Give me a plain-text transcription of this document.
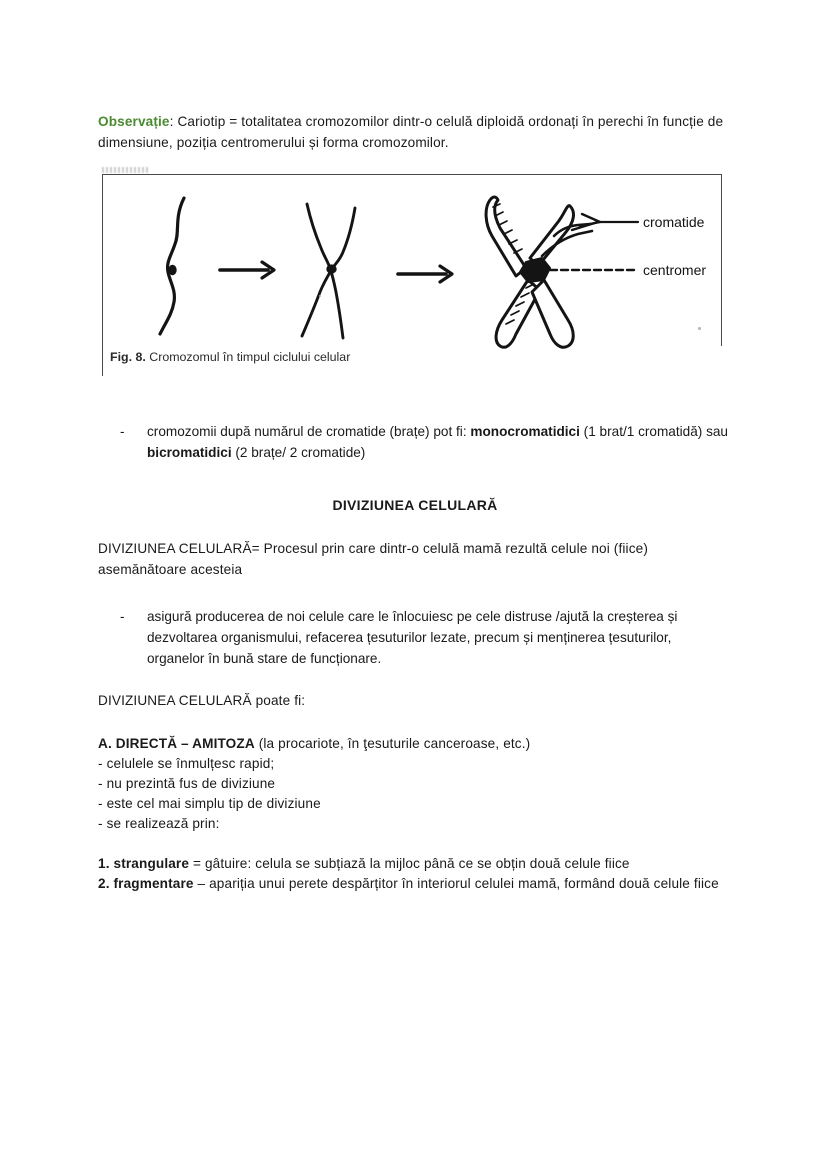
Observație: Cariotip = totalitatea cromozomilor dintr-o celulă diploidă ordonați în perechi în funcție de dimensiune, poziția centromerului și forma cromozomilor.

cromatide
centromer
Fig. 8. Cromozomul în timpul ciclului celular

- cromozomii după numărul de cromatide (brațe) pot fi: monocromatidici (1 brat/1 cromatidă) sau bicromatidici (2 brațe/ 2 cromatide)

DIVIZIUNEA CELULARĂ

DIVIZIUNEA CELULARĂ= Procesul prin care dintr-o celulă mamă rezultă celule noi (fiice) asemănătoare acesteia

- asigură producerea de noi celule care le înlocuiesc pe cele distruse /ajută la creșterea și dezvoltarea organismului, refacerea țesuturilor lezate, precum și menținerea țesuturilor, organelor în bună stare de funcționare.

DIVIZIUNEA CELULARĂ poate fi:

A. DIRECTĂ – AMITOZA (la procariote, în ţesuturile canceroase, etc.)

- celulele se înmulțesc rapid;

- nu prezintă fus de diviziune

- este cel mai simplu tip de diviziune

- se realizează prin:

1. strangulare = gâtuire: celula se subțiază la mijloc până ce se obțin două celule fiice

2. fragmentare – apariția unui perete despărțitor în interiorul celulei mamă, formând două celule fiice
